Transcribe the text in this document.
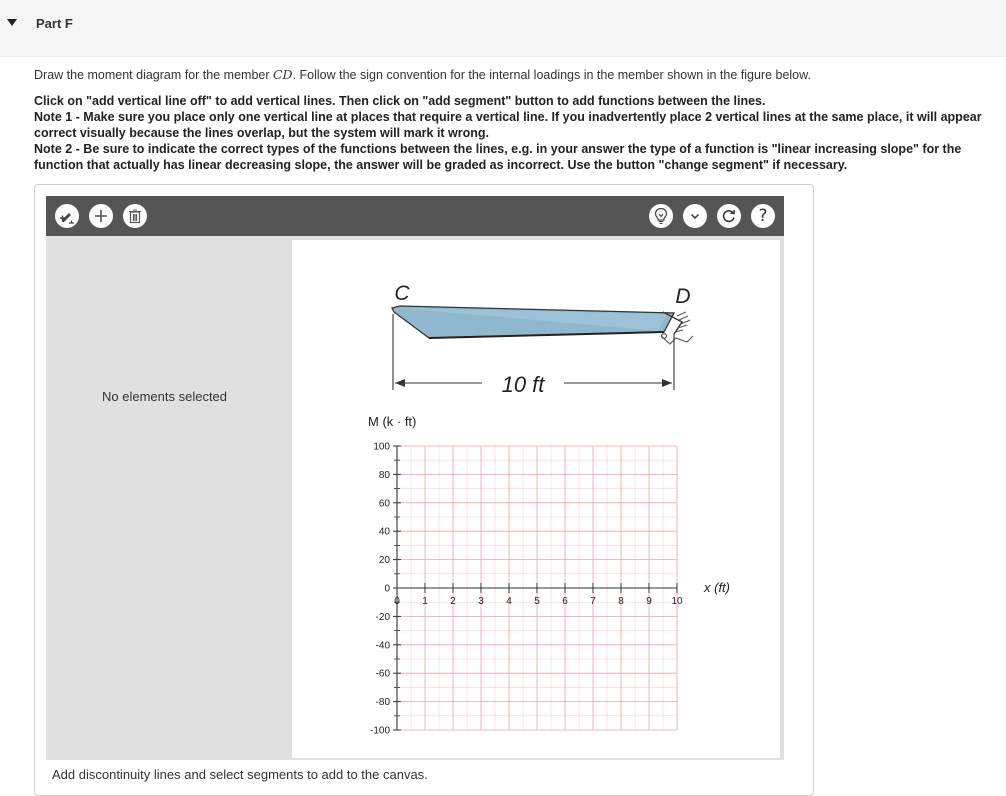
Part F

Draw the moment diagram for the member CD. Follow the sign convention for the internal loadings in the member shown in the figure below.

Click on "add vertical line off" to add vertical lines. Then click on "add segment" button to add functions between the lines.

Note 1 - Make sure you place only one vertical line at places that require a vertical line. If you inadvertently place 2 vertical lines at the same place, it will appear correct visually because the lines overlap, but the system will mark it wrong.

Note 2 - Be sure to indicate the correct types of the functions between the lines, e.g. in your answer the type of a function is "linear increasing slope" for the function that actually has linear decreasing slope, the answer will be graded as incorrect. Use the button "change segment" if necessary.

?
No elements selected
C	D
10 ft
100
80
60
40
20
0
-20
-40
-60
-80
-100
0 1 2 3 4 5 6 7 8 9 10
M (k · ft)
x (ft)
Add discontinuity lines and select segments to add to the canvas.
